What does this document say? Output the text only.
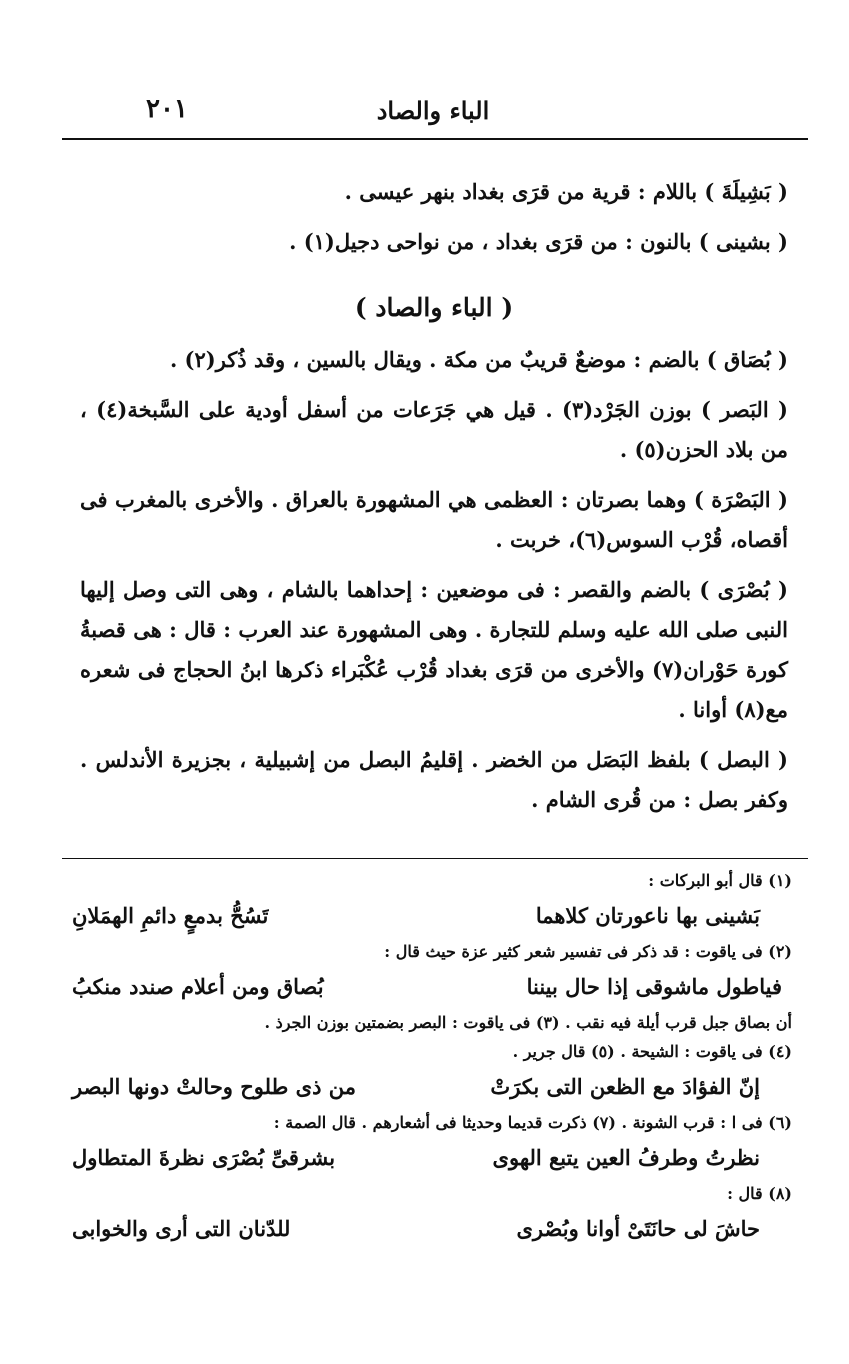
الباء والصاد
٢٠١

( بَشِيلَةَ ) باللام : قرية من قرَى بغداد بنهر عيسى .

( بشينى ) بالنون : من قرَى بغداد ، من نواحى دجيل(١) .

( الباء والصاد )

( بُصَاق ) بالضم : موضعٌ قريبٌ من مكة . ويقال بالسين ، وقد ذُكر(٢) .

( البَصر ) بوزن الجَرْد(٣) . قيل هي جَرَعات من أسفل أودية على السَّبخة(٤) ، من بلاد الحزن(٥) .

( البَصْرَة ) وهما بصرتان : العظمى هي المشهورة بالعراق . والأخرى بالمغرب فى أقصاه، قُرْب السوس(٦)، خربت .

( بُصْرَى ) بالضم والقصر : فى موضعين : إحداهما بالشام ، وهى التى وصل إليها النبى صلى الله عليه وسلم للتجارة . وهى المشهورة عند العرب : قال : هى قصبةُ كورة حَوْران(٧) والأخرى من قرَى بغداد قُرْب عُكْبَراء ذكرها ابنُ الحجاج فى شعره مع(٨) أوانا .

( البصل ) بلفظ البَصَل من الخضر . إقليمُ البصل من إشبيلية ، بجزيرة الأندلس . وكفر بصل : من قُرى الشام .

(١) قال أبو البركات :

بَشينى بها ناعورتان كلاهما
تَسُحُّ بدمعٍ دائمِ الهمَلانِ

(٢) فى ياقوت : قد ذكر فى تفسير شعر كثير عزة حيث قال :

فياطول ماشوقى إذا حال بيننا
بُصاق ومن أعلام صندد منكبُ

أن بصاق جبل قرب أيلة فيه نقب . (٣) فى ياقوت : البصر بضمتين بوزن الجرذ .

(٤) فى ياقوت : الشيحة . (٥) قال جرير .

إنّ الفؤادَ مع الظعن التى بكرَتْ
من ذى طلوح وحالتْ دونها البصر

(٦) فى ا : قرب الشونة . (٧) ذكرت قديما وحديثا فى أشعارهم . قال الصمة :

نظرتُ وطرفُ العين يتبع الهوى
بشرقىِّ بُصْرَى نظرةَ المتطاول

(٨) قال :

حاشَ لى حانَتَىْ أوانا وبُصْرى
للدّنان التى أرى والخوابى
